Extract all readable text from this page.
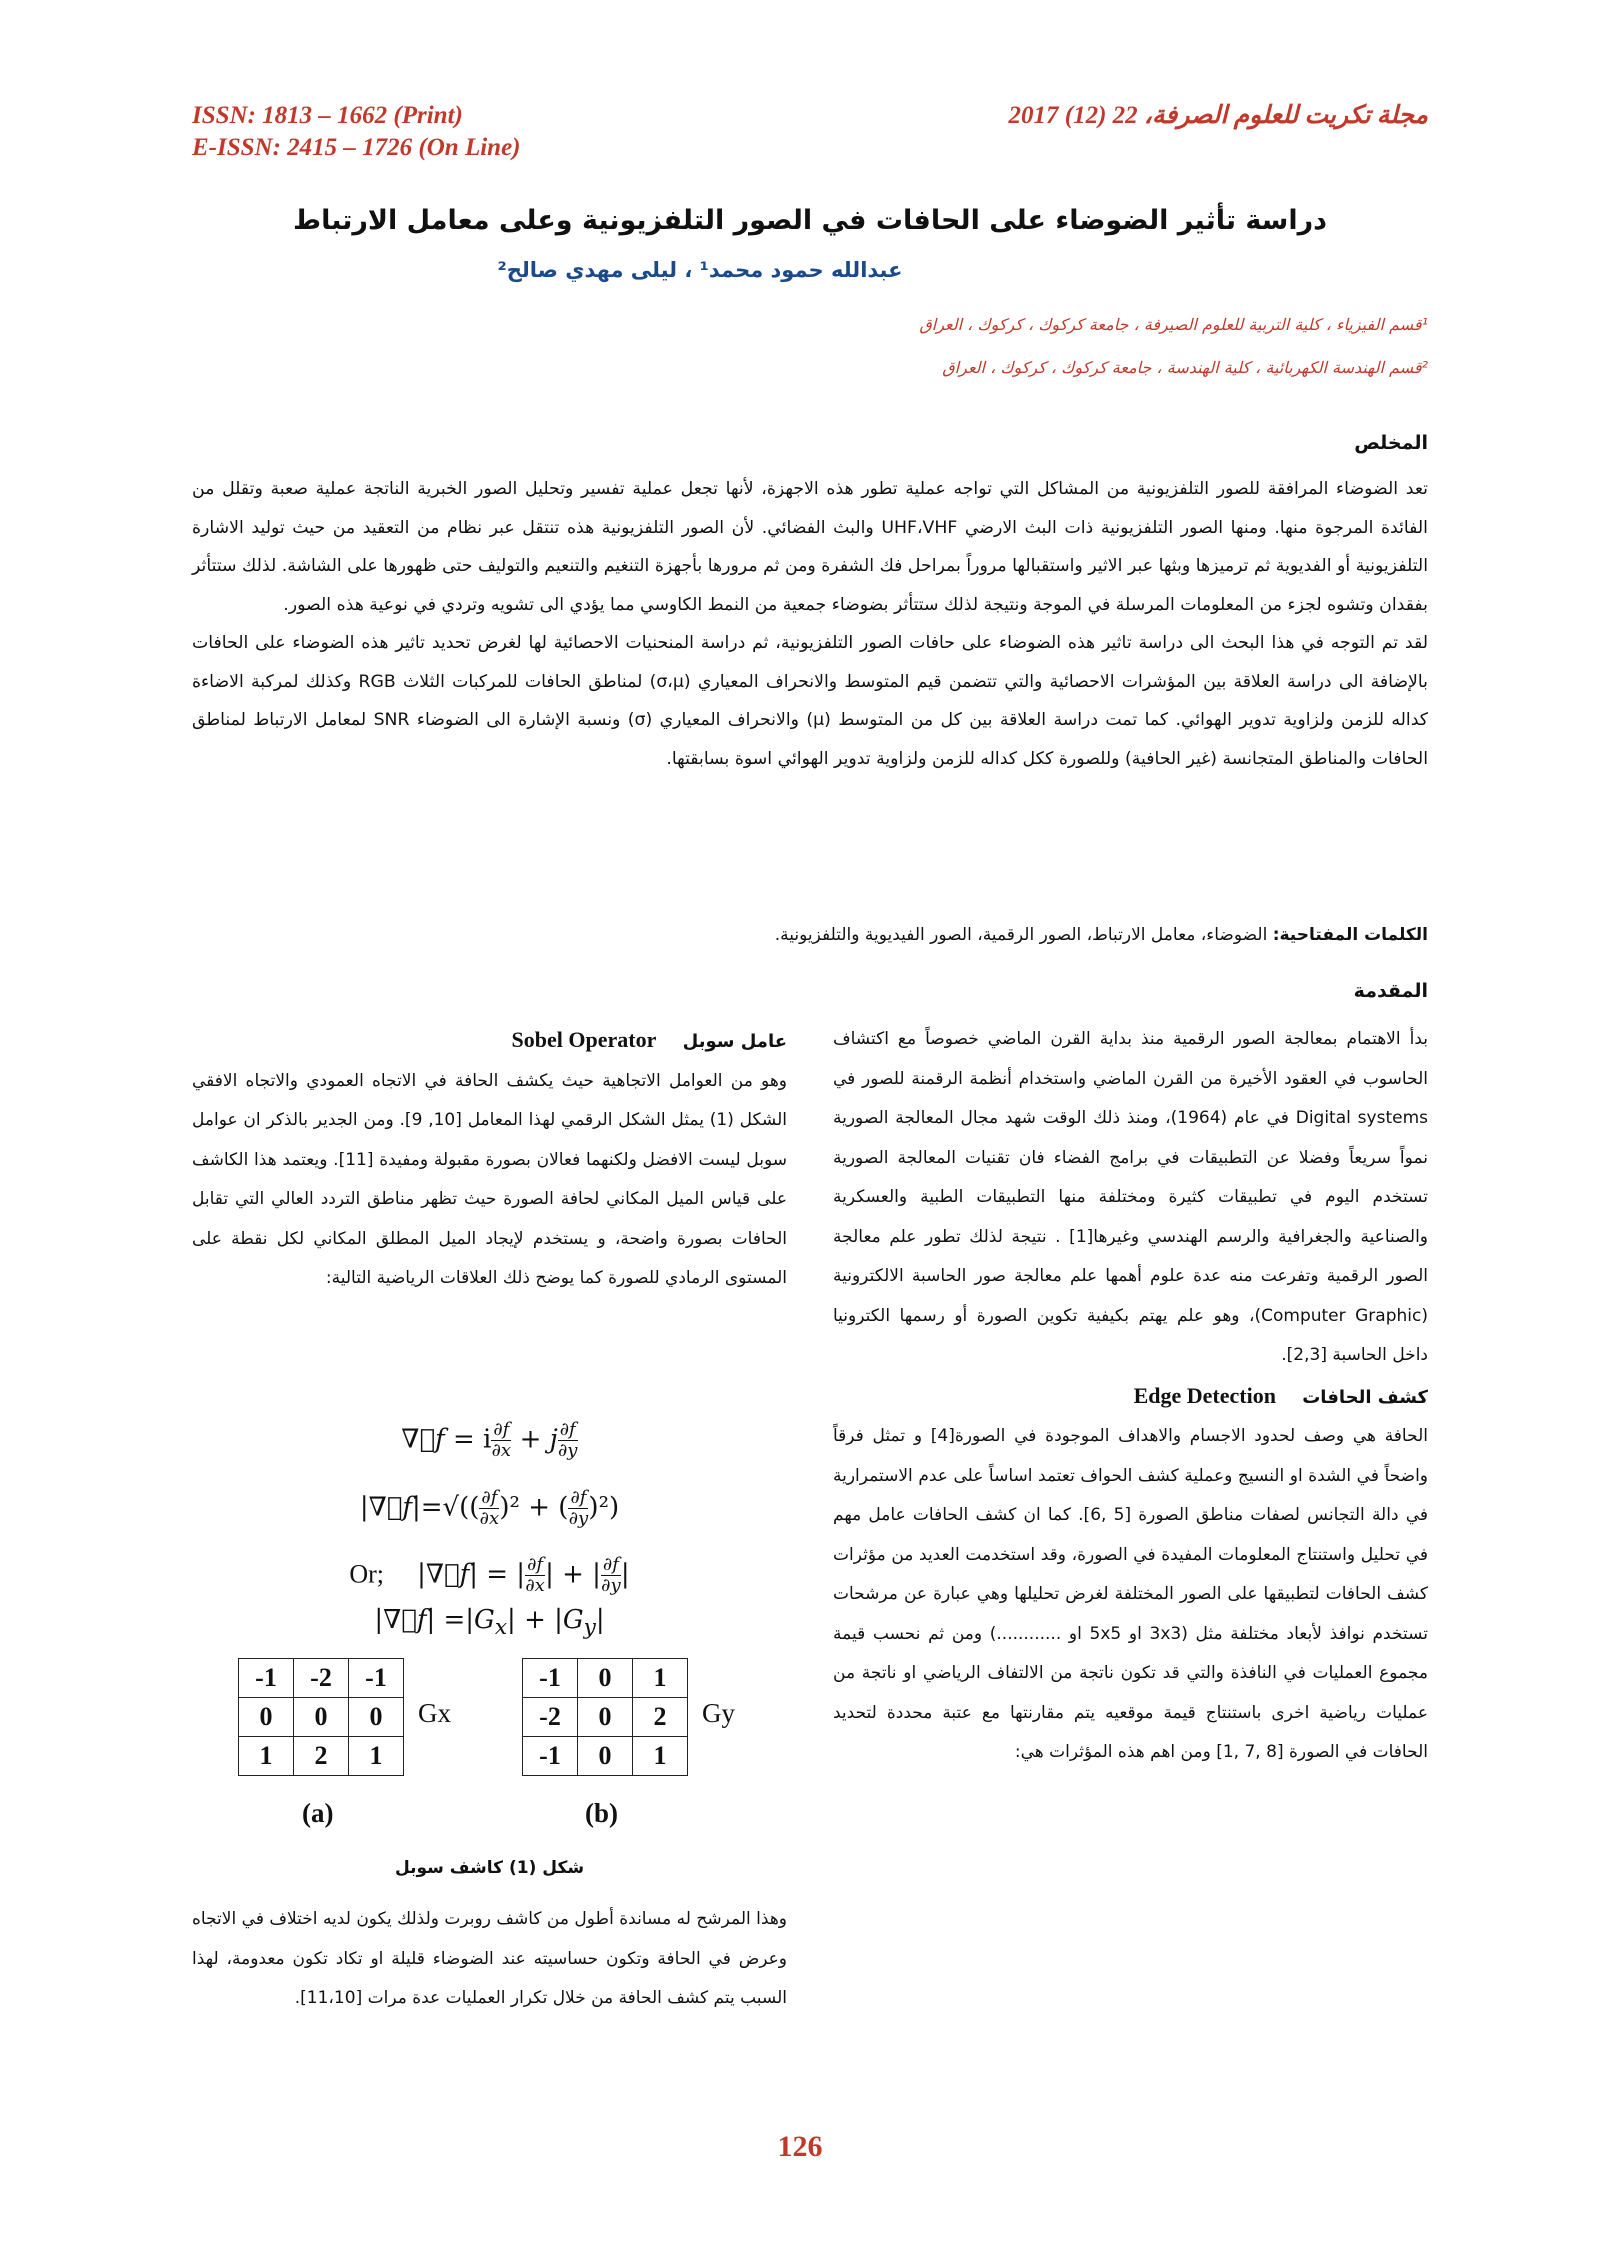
ISSN: 1813 – 1662 (Print)
E-ISSN: 2415 – 1726 (On Line)
مجلة تكريت للعلوم الصرفة، 22 (12) 2017
دراسة تأثير الضوضاء على الحافات في الصور التلفزيونية وعلى معامل الارتباط
عبدالله حمود محمد¹ ، ليلى مهدي صالح²
¹قسم الفيزياء ، كلية التربية للعلوم الصيرفة ، جامعة كركوك ، كركوك ، العراق
²قسم الهندسة الكهربائية ، كلية الهندسة ، جامعة كركوك ، كركوك ، العراق
المخلص

تعد الضوضاء المرافقة للصور التلفزيونية من المشاكل التي تواجه عملية تطور هذه الاجهزة، لأنها تجعل عملية تفسير وتحليل الصور الخبرية الناتجة عملية صعبة وتقلل من الفائدة المرجوة منها. ومنها الصور التلفزيونية ذات البث الارضي UHF،VHF والبث الفضائي. لأن الصور التلفزيونية هذه تنتقل عبر نظام من التعقيد من حيث توليد الاشارة التلفزيونية أو الفديوية ثم ترميزها وبثها عبر الاثير واستقبالها مروراً بمراحل فك الشفرة ومن ثم مرورها بأجهزة التنغيم والتنعيم والتوليف حتى ظهورها على الشاشة. لذلك ستتأثر بفقدان وتشوه لجزء من المعلومات المرسلة في الموجة ونتيجة لذلك ستتأثر بضوضاء جمعية من النمط الكاوسي مما يؤدي الى تشويه وتردي في نوعية هذه الصور.

لقد تم التوجه في هذا البحث الى دراسة تاثير هذه الضوضاء على حافات الصور التلفزيونية، ثم دراسة المنحنيات الاحصائية لها لغرض تحديد تاثير هذه الضوضاء على الحافات بالإضافة الى دراسة العلاقة بين المؤشرات الاحصائية والتي تتضمن قيم المتوسط والانحراف المعياري (σ،μ) لمناطق الحافات للمركبات الثلاث RGB وكذلك لمركبة الاضاءة كداله للزمن ولزاوية تدوير الهوائي. كما تمت دراسة العلاقة بين كل من المتوسط (μ) والانحراف المعياري (σ) ونسبة الإشارة الى الضوضاء SNR لمعامل الارتباط لمناطق الحافات والمناطق المتجانسة (غير الحافية) وللصورة ككل كداله للزمن ولزاوية تدوير الهوائي اسوة بسابقتها.

الكلمات المفتاحية: الضوضاء، معامل الارتباط، الصور الرقمية، الصور الفيديوية والتلفزيونية.
المقدمة

بدأ الاهتمام بمعالجة الصور الرقمية منذ بداية القرن الماضي خصوصاً مع اكتشاف الحاسوب في العقود الأخيرة من القرن الماضي واستخدام أنظمة الرقمنة للصور في Digital systems في عام (1964)، ومنذ ذلك الوقت شهد مجال المعالجة الصورية نمواً سريعاً وفضلا عن التطبيقات في برامج الفضاء فان تقنيات المعالجة الصورية تستخدم اليوم في تطبيقات كثيرة ومختلفة منها التطبيقات الطبية والعسكرية والصناعية والجغرافية والرسم الهندسي وغيرها[1] . نتيجة لذلك تطور علم معالجة الصور الرقمية وتفرعت منه عدة علوم أهمها علم معالجة صور الحاسبة الالكترونية (Computer Graphic)، وهو علم يهتم بكيفية تكوين الصورة أو رسمها الكترونيا داخل الحاسبة [2,3].

كشف الحافات Edge Detection

الحافة هي وصف لحدود الاجسام والاهداف الموجودة في الصورة[4] و تمثل فرقاً واضحاً في الشدة او النسيج وعملية كشف الحواف تعتمد اساساً على عدم الاستمرارية في دالة التجانس لصفات مناطق الصورة [5 ,6]. كما ان كشف الحافات عامل مهم في تحليل واستنتاج المعلومات المفيدة في الصورة، وقد استخدمت العديد من مؤثرات كشف الحافات لتطبيقها على الصور المختلفة لغرض تحليلها وهي عبارة عن مرشحات تستخدم نوافذ لأبعاد مختلفة مثل (3x3 او 5x5 او ............) ومن ثم نحسب قيمة مجموع العمليات في النافذة والتي قد تكون ناتجة من الالتفاف الرياضي او ناتجة من عمليات رياضية اخرى باستنتاج قيمة موقعيه يتم مقارنتها مع عتبة محددة لتحديد الحافات في الصورة [8 ,7 ,1] ومن اهم هذه المؤثرات هي:

عامل سوبل Sobel Operator

وهو من العوامل الاتجاهية حيث يكشف الحافة في الاتجاه العمودي والاتجاه الافقي الشكل (1) يمثل الشكل الرقمي لهذا المعامل [10, 9]. ومن الجدير بالذكر ان عوامل سوبل ليست الافضل ولكنهما فعالان بصورة مقبولة ومفيدة [11]. ويعتمد هذا الكاشف على قياس الميل المكاني لحافة الصورة حيث تظهر مناطق التردد العالي التي تقابل الحافات بصورة واضحة، و يستخدم لإيجاد الميل المطلق المكاني لكل نقطة على المستوى الرمادي للصورة كما يوضح ذلك العلاقات الرياضية التالية:

∇⃗f = i $\frac{\partial f}{\partial x} + j \frac{\partial f}{\partial y}$
|∇⃗f|=√(( $\frac{\partial f}{\partial x} )^2$ + ( $\frac{\partial f}{\partial y} )^2$)
Or;    |∇⃗f| = | $\frac{\partial f}{\partial x}$ | + | $\frac{\partial f}{\partial y}$ |
|∇⃗f| $=|G_x| + |G_y|$
-1	-2	-1
0	0	0
1	2	1
Gx
-1	0	1
-2	0	2
-1	0	1
Gy
(a)	(b)
شكل (1) كاشف سوبل

وهذا المرشح له مساندة أطول من كاشف روبرت ولذلك يكون لديه اختلاف في الاتجاه وعرض في الحافة وتكون حساسيته عند الضوضاء قليلة او تكاد تكون معدومة، لهذا السبب يتم كشف الحافة من خلال تكرار العمليات عدة مرات [11،10].

126
